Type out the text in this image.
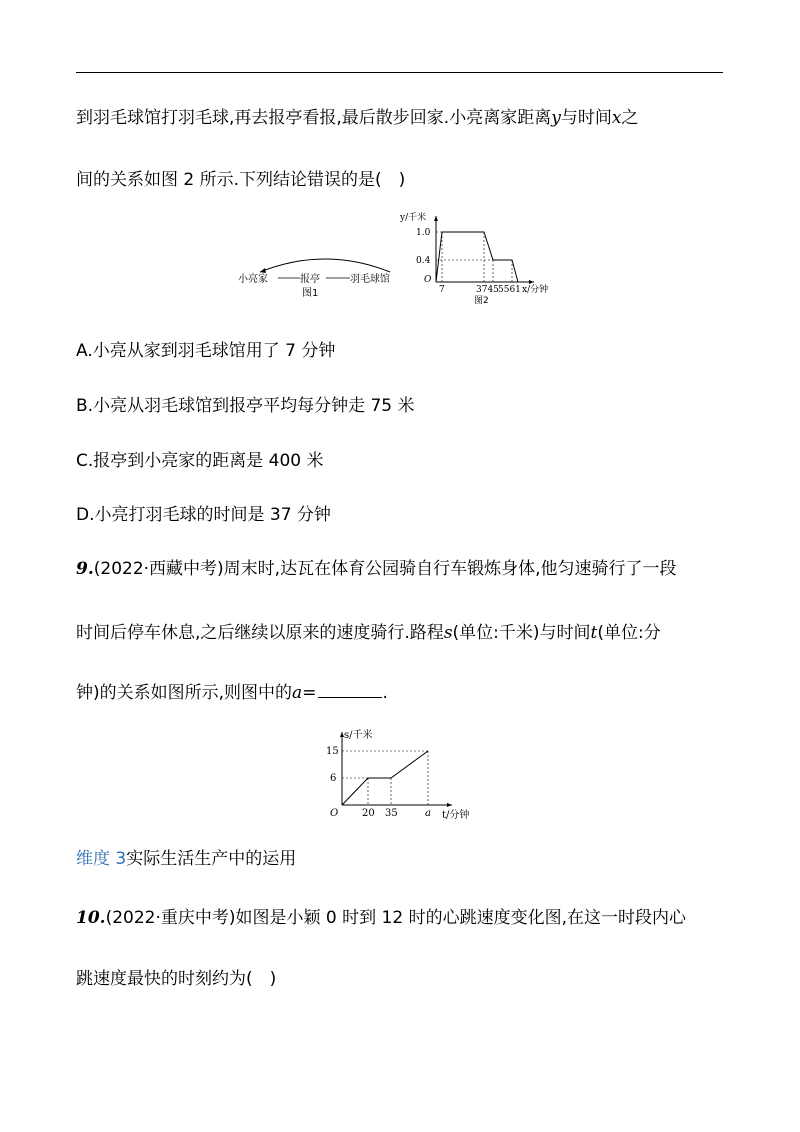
到羽毛球馆打羽毛球,再去报亭看报,最后散步回家.小亮离家距离y与时间x之
间的关系如图 2 所示.下列结论错误的是(　)
小亮家	报亭	羽毛球馆
图1
y/千米
1.0
0.4
O
7	3745 5561 x/分钟
图2
A.小亮从家到羽毛球馆用了 7 分钟
B.小亮从羽毛球馆到报亭平均每分钟走 75 米
C.报亭到小亮家的距离是 400 米
D.小亮打羽毛球的时间是 37 分钟
9.(2022·西藏中考)周末时,达瓦在体育公园骑自行车锻炼身体,他匀速骑行了一段
时间后停车休息,之后继续以原来的速度骑行.路程s(单位:千米)与时间t(单位:分
钟)的关系如图所示,则图中的a=	.
s/千米
15
6
O 20 35	a t/分钟
维度 3实际生活生产中的运用
10.(2022·重庆中考)如图是小颖 0 时到 12 时的心跳速度变化图,在这一时段内心
跳速度最快的时刻约为(　)
